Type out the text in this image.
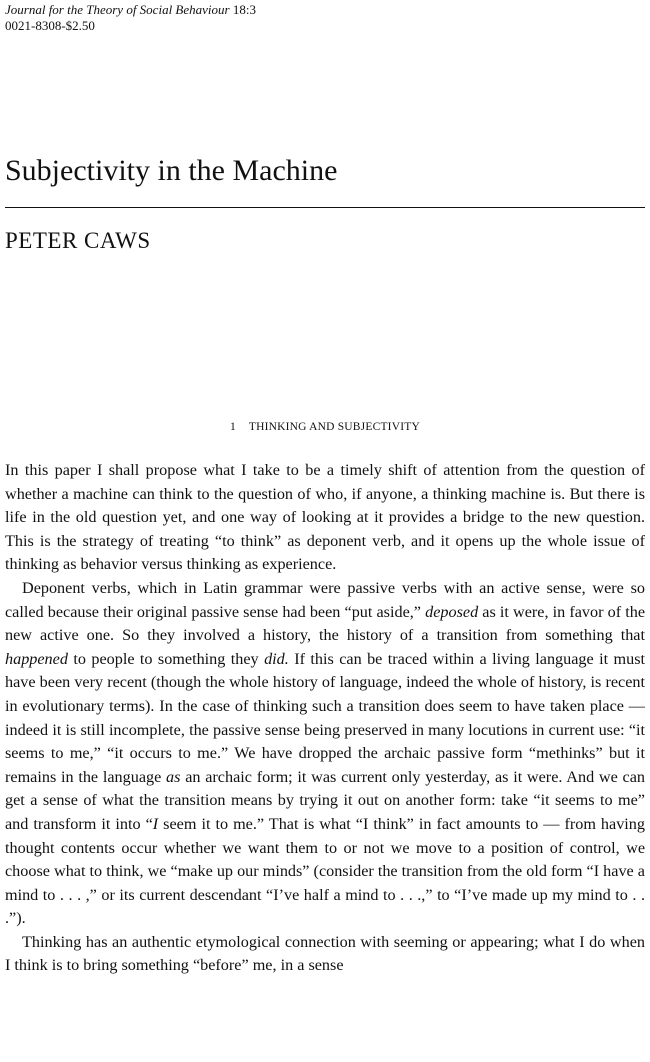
Journal for the Theory of Social Behaviour 18:3
0021-8308-$2.50
Subjectivity in the Machine
PETER CAWS
1 THINKING AND SUBJECTIVITY

In this paper I shall propose what I take to be a timely shift of attention from the question of whether a machine can think to the question of who, if anyone, a thinking machine is. But there is life in the old question yet, and one way of looking at it provides a bridge to the new question. This is the strategy of treating “to think” as deponent verb, and it opens up the whole issue of thinking as behavior versus thinking as experience.

Deponent verbs, which in Latin grammar were passive verbs with an active sense, were so called because their original passive sense had been “put aside,” deposed as it were, in favor of the new active one. So they involved a history, the history of a transition from something that happened to people to something they did. If this can be traced within a living language it must have been very recent (though the whole history of language, indeed the whole of history, is recent in evolutionary terms). In the case of thinking such a transition does seem to have taken place — indeed it is still incomplete, the passive sense being preserved in many locutions in current use: “it seems to me,” “it occurs to me.” We have dropped the archaic passive form “methinks” but it remains in the language as an archaic form; it was current only yesterday, as it were. And we can get a sense of what the transition means by trying it out on another form: take “it seems to me” and transform it into “I seem it to me.” That is what “I think” in fact amounts to — from having thought contents occur whether we want them to or not we move to a position of control, we choose what to think, we “make up our minds” (consider the transition from the old form “I have a mind to . . . ,” or its current descendant “I’ve half a mind to . . .,” to “I’ve made up my mind to . . .”).

Thinking has an authentic etymological connection with seeming or appearing; what I do when I think is to bring something “before” me, in a sense
